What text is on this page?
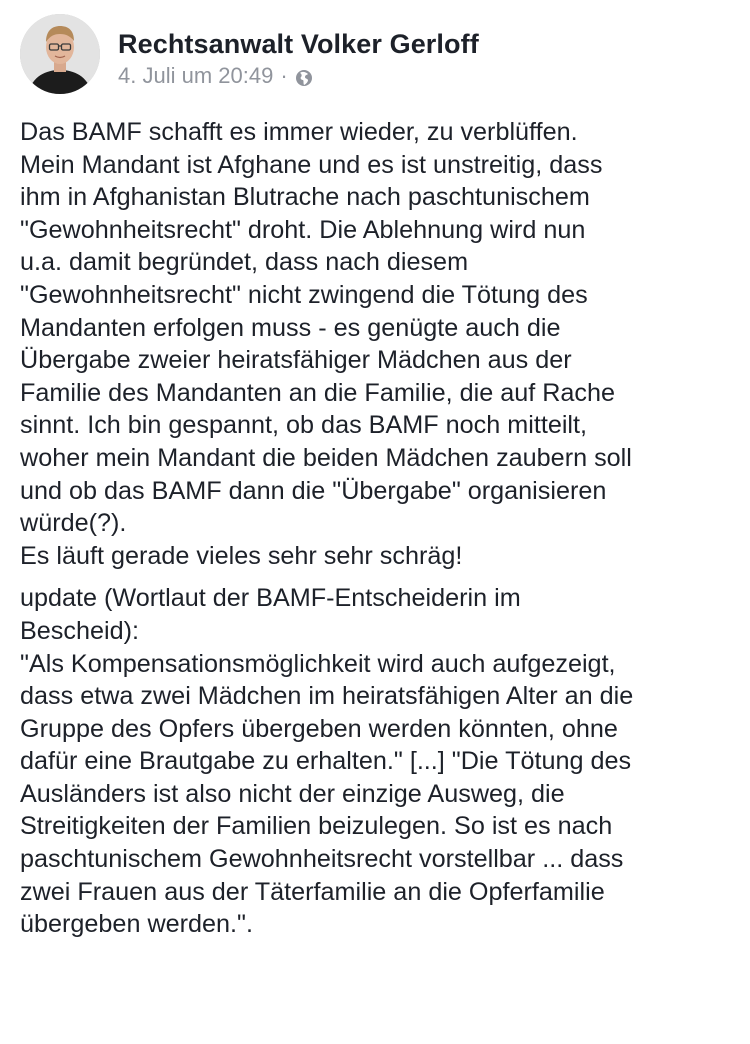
Rechtsanwalt Volker Gerloff
4. Juli um 20:49 ·

Das BAMF schafft es immer wieder, zu verblüffen.
Mein Mandant ist Afghane und es ist unstreitig, dass
ihm in Afghanistan Blutrache nach paschtunischem
"Gewohnheitsrecht" droht. Die Ablehnung wird nun
u.a. damit begründet, dass nach diesem
"Gewohnheitsrecht" nicht zwingend die Tötung des
Mandanten erfolgen muss - es genügte auch die
Übergabe zweier heiratsfähiger Mädchen aus der
Familie des Mandanten an die Familie, die auf Rache
sinnt. Ich bin gespannt, ob das BAMF noch mitteilt,
woher mein Mandant die beiden Mädchen zaubern soll
und ob das BAMF dann die "Übergabe" organisieren
würde(?).
Es läuft gerade vieles sehr sehr schräg!

update (Wortlaut der BAMF-Entscheiderin im
Bescheid):
"Als Kompensationsmöglichkeit wird auch aufgezeigt,
dass etwa zwei Mädchen im heiratsfähigen Alter an die
Gruppe des Opfers übergeben werden könnten, ohne
dafür eine Brautgabe zu erhalten." [...] "Die Tötung des
Ausländers ist also nicht der einzige Ausweg, die
Streitigkeiten der Familien beizulegen. So ist es nach
paschtunischem Gewohnheitsrecht vorstellbar ... dass
zwei Frauen aus der Täterfamilie an die Opferfamilie
übergeben werden.".
